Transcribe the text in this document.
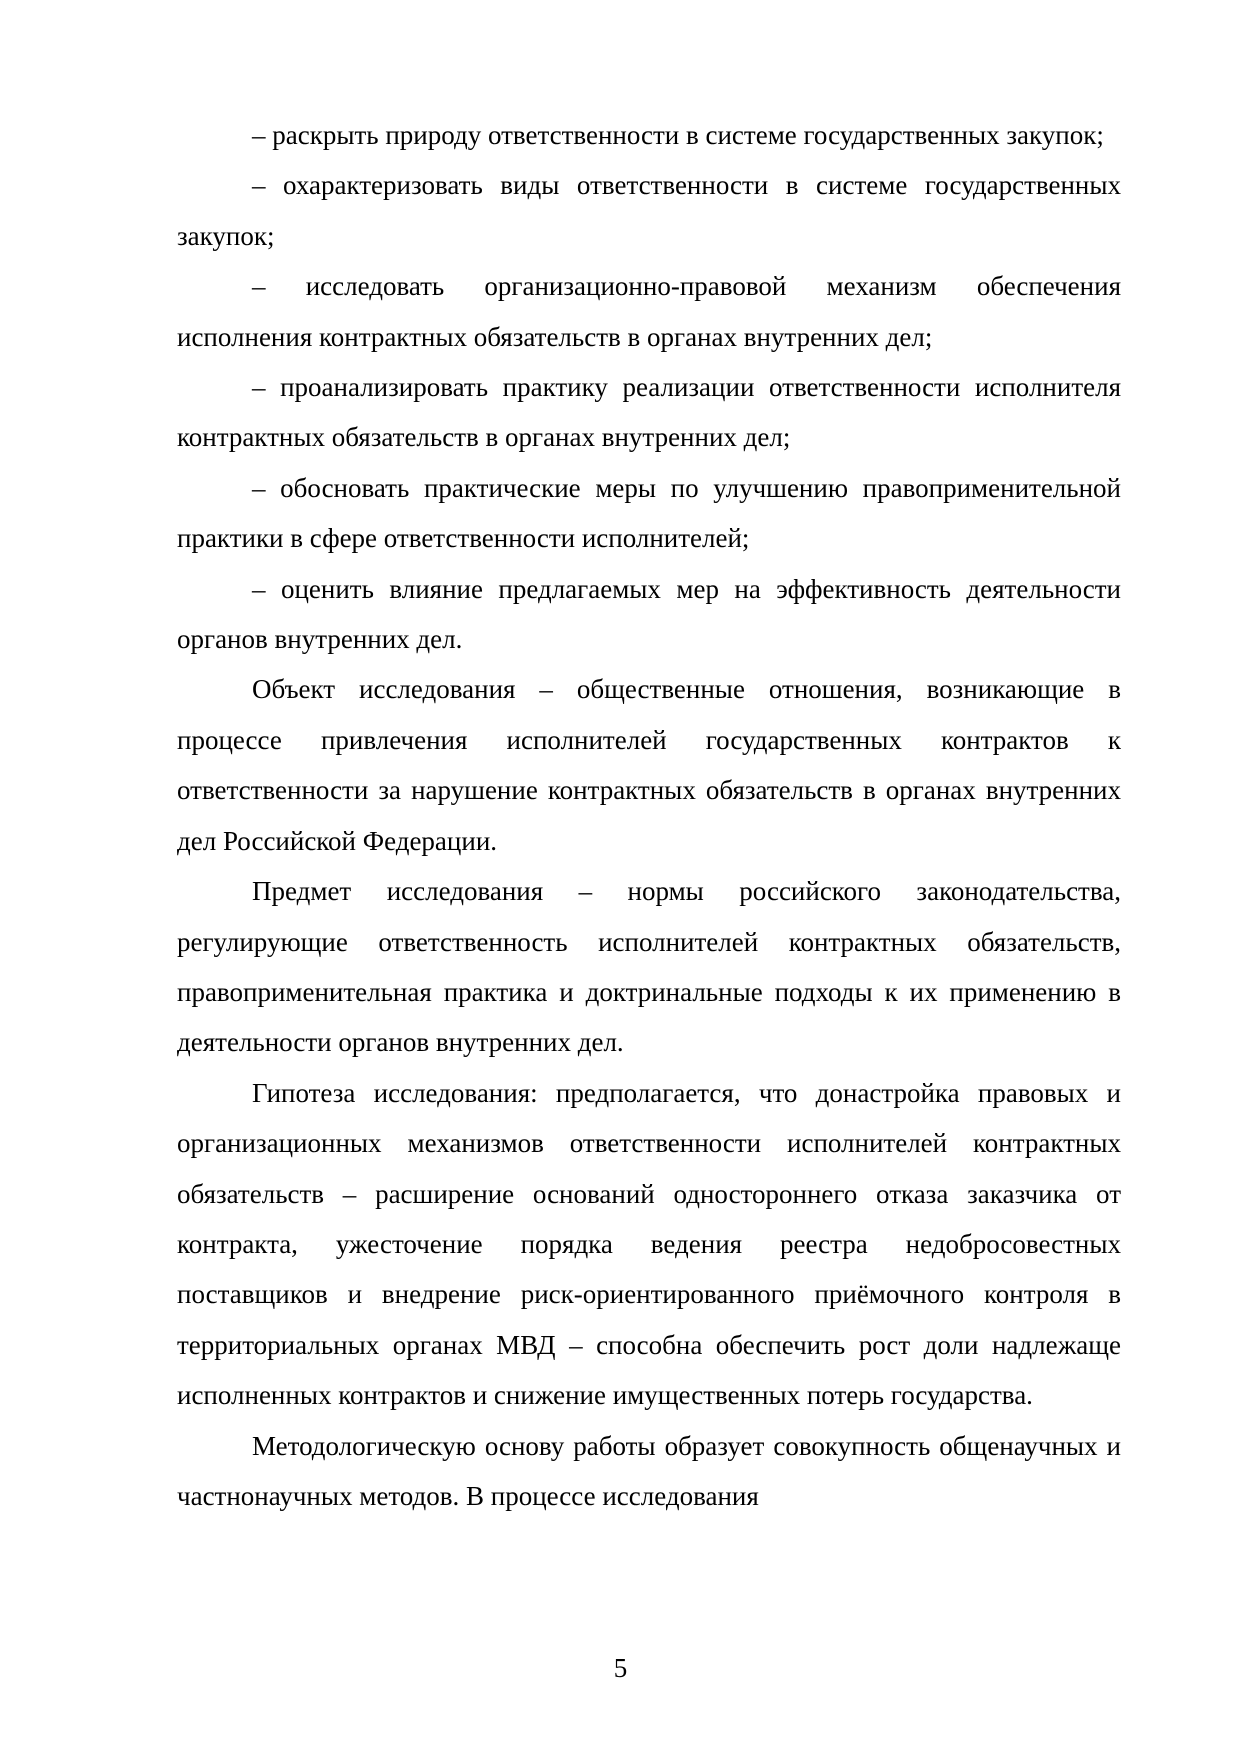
– раскрыть природу ответственности в системе государственных закупок;

– охарактеризовать виды ответственности в системе государственных закупок;

– исследовать организационно-правовой механизм обеспечения исполнения контрактных обязательств в органах внутренних дел;

– проанализировать практику реализации ответственности исполнителя контрактных обязательств в органах внутренних дел;

– обосновать практические меры по улучшению правоприменительной практики в сфере ответственности исполнителей;

– оценить влияние предлагаемых мер на эффективность деятельности органов внутренних дел.

Объект исследования – общественные отношения, возникающие в процессе привлечения исполнителей государственных контрактов к ответственности за нарушение контрактных обязательств в органах внутренних дел Российской Федерации.

Предмет исследования – нормы российского законодательства, регулирующие ответственность исполнителей контрактных обязательств, правоприменительная практика и доктринальные подходы к их применению в деятельности органов внутренних дел.

Гипотеза исследования: предполагается, что донастройка правовых и организационных механизмов ответственности исполнителей контрактных обязательств – расширение оснований одностороннего отказа заказчика от контракта, ужесточение порядка ведения реестра недобросовестных поставщиков и внедрение риск-ориентированного приёмочного контроля в территориальных органах МВД – способна обеспечить рост доли надлежаще исполненных контрактов и снижение имущественных потерь государства.

Методологическую основу работы образует совокупность общенаучных и частнонаучных методов. В процессе исследования

5
